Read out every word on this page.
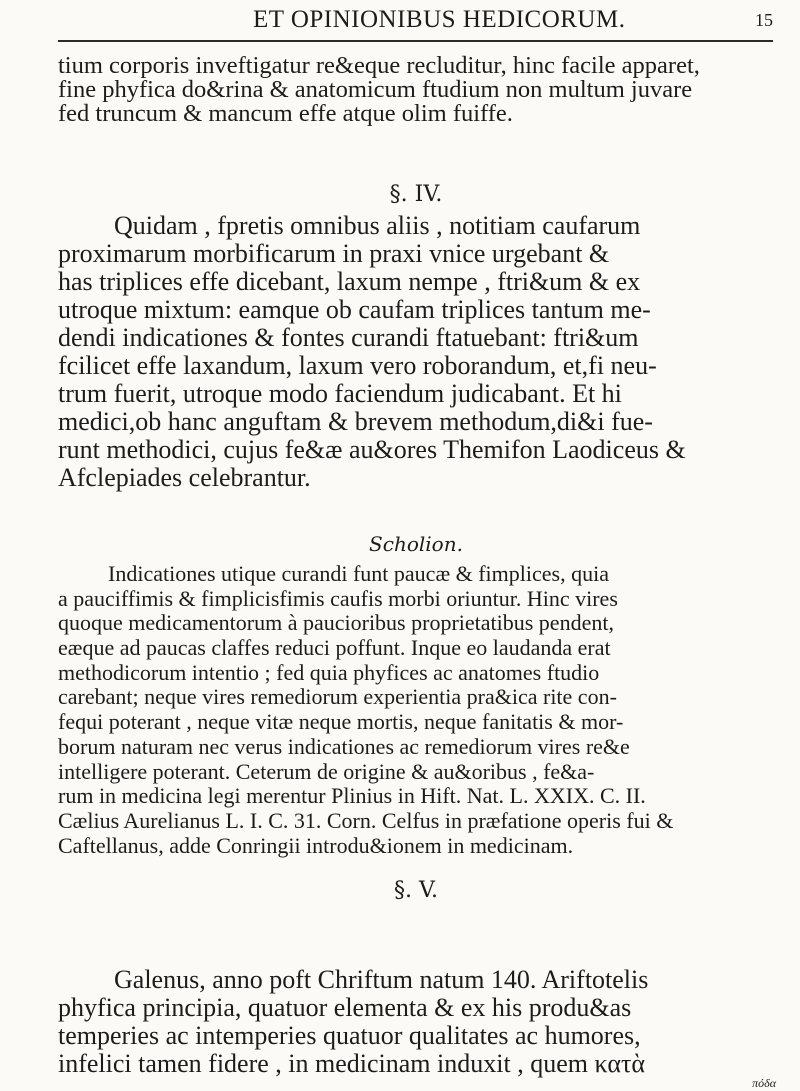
ET OPINIONIBUS HEDICORUM.	15
tium corporis inveftigatur re&eque recluditur, hinc facile apparet,
fine phyfica do&rina & anatomicum ftudium non multum juvare
fed truncum & mancum effe atque olim fuiffe.
§. IV.
Quidam , fpretis omnibus aliis , notitiam caufarum
proximarum morbificarum in praxi vnice urgebant &
has triplices effe dicebant, laxum nempe , ftri&um & ex
utroque mixtum: eamque ob caufam triplices tantum me-
dendi indicationes & fontes curandi ftatuebant: ftri&um
fcilicet effe laxandum, laxum vero roborandum, et,fi neu-
trum fuerit, utroque modo faciendum judicabant. Et hi
medici,ob hanc anguftam & brevem methodum,di&i fue-
runt methodici, cujus fe&æ au&ores Themifon Laodiceus &
Afclepiades celebrantur.
Scholion.
Indicationes utique curandi funt paucæ & fimplices, quia
a pauciffimis & fimplicisfimis caufis morbi oriuntur. Hinc vires
quoque medicamentorum à paucioribus proprietatibus pendent,
eæque ad paucas claffes reduci poffunt. Inque eo laudanda erat
methodicorum intentio ; fed quia phyfices ac anatomes ftudio
carebant; neque vires remediorum experientia pra&ica rite con-
fequi poterant , neque vitæ neque mortis, neque fanitatis & mor-
borum naturam nec verus indicationes ac remediorum vires re&e
intelligere poterant. Ceterum de origine & au&oribus , fe&a-
rum in medicina legi merentur Plinius in Hift. Nat. L. XXIX. C. II.
Cælius Aurelianus L. I. C. 31. Corn. Celfus in præfatione operis fui &
Caftellanus, adde Conringii introdu&ionem in medicinam.
§. V.
Galenus, anno poft Chriftum natum 140. Ariftotelis
phyfica principia, quatuor elementa & ex his produ&as
temperies ac intemperies quatuor qualitates ac humores,
infelici tamen fidere , in medicinam induxit , quem κατὰ
πόδα
